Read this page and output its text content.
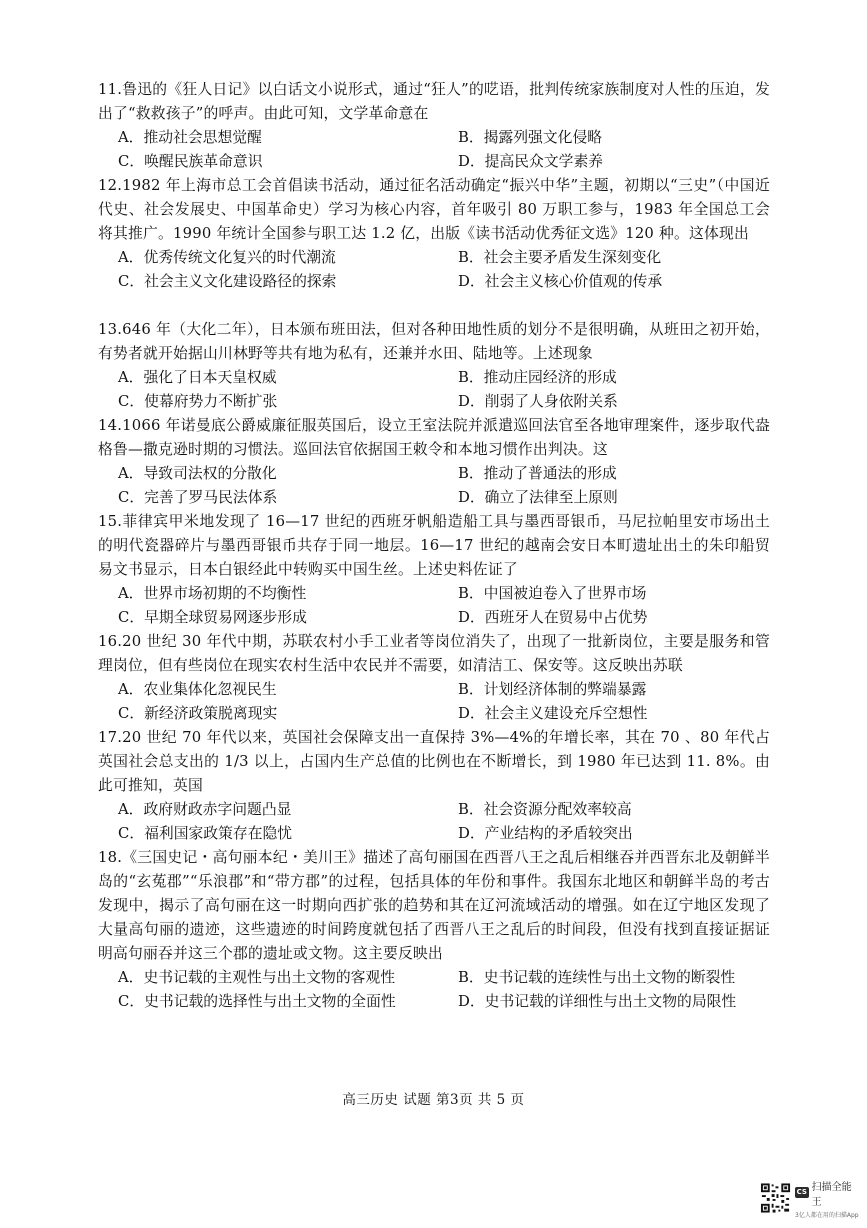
11.鲁迅的《狂人日记》以白话文小说形式，通过“狂人”的呓语，批判传统家族制度对人性的压迫，发出了“救救孩子”的呼声。由此可知，文学革命意在

A．推动社会思想觉醒	B．揭露列强文化侵略
C．唤醒民族革命意识	D．提高民众文学素养

12.1982 年上海市总工会首倡读书活动，通过征名活动确定“振兴中华”主题，初期以“三史”（中国近代史、社会发展史、中国革命史）学习为核心内容，首年吸引 80 万职工参与，1983 年全国总工会将其推广。1990 年统计全国参与职工达 1.2 亿，出版《读书活动优秀征文选》120 种。这体现出

A．优秀传统文化复兴的时代潮流	B．社会主要矛盾发生深刻变化
C．社会主义文化建设路径的探索	D．社会主义核心价值观的传承

13.646 年（大化二年），日本颁布班田法，但对各种田地性质的划分不是很明确，从班田之初开始，有势者就开始据山川林野等共有地为私有，还兼并水田、陆地等。上述现象

A．强化了日本天皇权威	B．推动庄园经济的形成
C．使幕府势力不断扩张	D．削弱了人身依附关系

14.1066 年诺曼底公爵威廉征服英国后，设立王室法院并派遣巡回法官至各地审理案件，逐步取代盎格鲁—撒克逊时期的习惯法。巡回法官依据国王敕令和本地习惯作出判决。这

A．导致司法权的分散化	B．推动了普通法的形成
C．完善了罗马民法体系	D．确立了法律至上原则

15.菲律宾甲米地发现了 16—17 世纪的西班牙帆船造船工具与墨西哥银币，马尼拉帕里安市场出土的明代瓷器碎片与墨西哥银币共存于同一地层。16—17 世纪的越南会安日本町遗址出土的朱印船贸易文书显示，日本白银经此中转购买中国生丝。上述史料佐证了

A．世界市场初期的不均衡性	B．中国被迫卷入了世界市场
C．早期全球贸易网逐步形成	D．西班牙人在贸易中占优势

16.20 世纪 30 年代中期，苏联农村小手工业者等岗位消失了，出现了一批新岗位，主要是服务和管理岗位，但有些岗位在现实农村生活中农民并不需要，如清洁工、保安等。这反映出苏联

A．农业集体化忽视民生	B．计划经济体制的弊端暴露
C．新经济政策脱离现实	D．社会主义建设充斥空想性

17.20 世纪 70 年代以来，英国社会保障支出一直保持 3%—4%的年增长率，其在 70 、80 年代占英国社会总支出的 1/3 以上，占国内生产总值的比例也在不断增长，到 1980 年已达到 11. 8%。由此可推知，英国

A．政府财政赤字问题凸显	B．社会资源分配效率较高
C．福利国家政策存在隐忧	D．产业结构的矛盾较突出

18.《三国史记・高句丽本纪・美川王》描述了高句丽国在西晋八王之乱后相继吞并西晋东北及朝鲜半岛的“玄菟郡”“乐浪郡”和“带方郡”的过程，包括具体的年份和事件。我国东北地区和朝鲜半岛的考古发现中，揭示了高句丽在这一时期向西扩张的趋势和其在辽河流域活动的增强。如在辽宁地区发现了大量高句丽的遗迹，这些遗迹的时间跨度就包括了西晋八王之乱后的时间段，但没有找到直接证据证明高句丽吞并这三个郡的遗址或文物。这主要反映出

A．史书记载的主观性与出土文物的客观性	B．史书记载的连续性与出土文物的断裂性
C．史书记载的选择性与出土文物的全面性	D．史书记载的详细性与出土文物的局限性
高三历史 试题 第3页 共 5 页
CS 扫描全能王
3亿人都在用的扫描App
